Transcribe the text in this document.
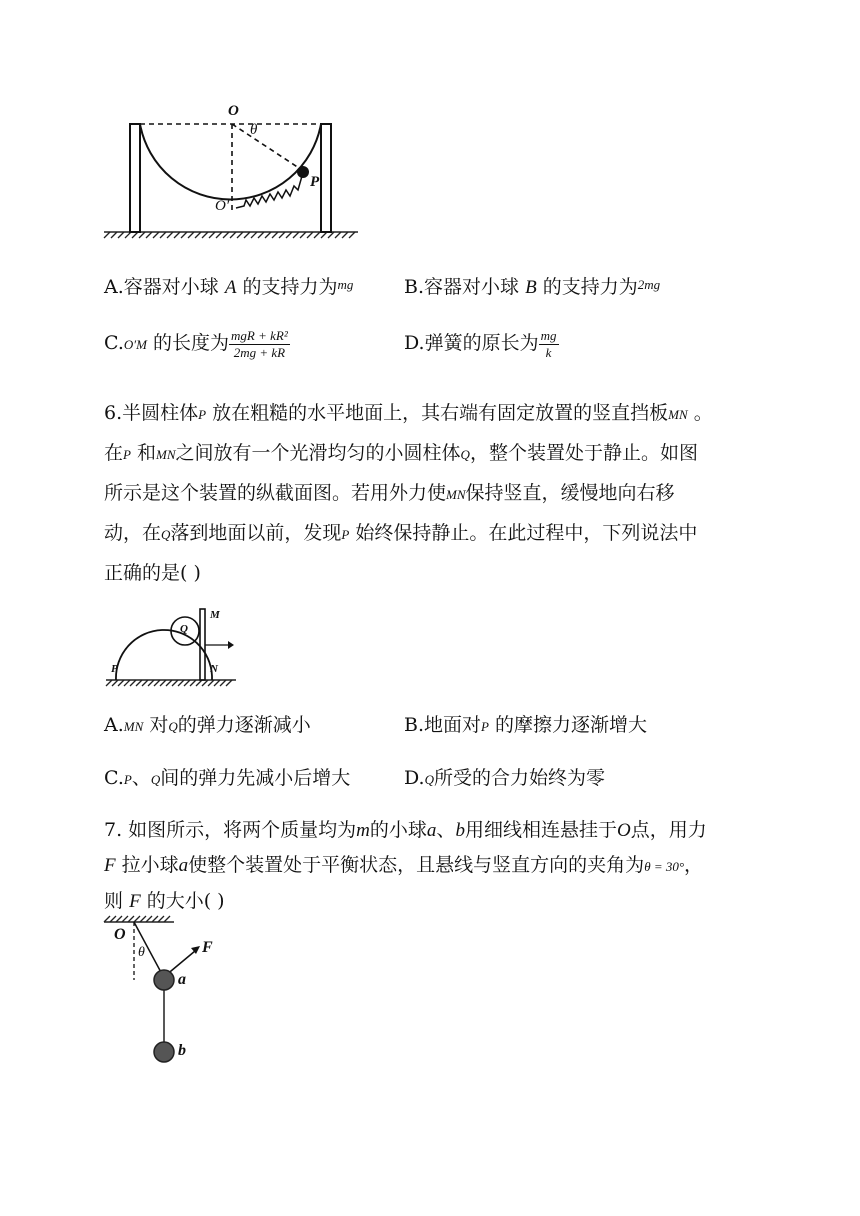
O
θ
O′
P
A.容器对小球 A 的支持力为$^{mg}$	B.容器对小球 B 的支持力为$^{2mg}$
C.O′M 的长度为 $\frac{\text{mgR + kR²}}{2mg + kR}$	D.弹簧的原长为 $\frac{mg}{k}$
6.半圆柱体P 放在粗糙的水平地面上，其右端有固定放置的竖直挡板MN 。
在P 和MN之间放有一个光滑均匀的小圆柱体Q，整个装置处于静止。如图
所示是这个装置的纵截面图。若用外力使MN保持竖直，缓慢地向右移
动，在Q落到地面以前，发现P 始终保持静止。在此过程中，下列说法中
正确的是( )
M
Q
P	N
A.MN 对Q的弹力逐渐减小	B.地面对P 的摩擦力逐渐增大
C.P、Q间的弹力先减小后增大	D.Q所受的合力始终为零
7. 如图所示，将两个质量均为m的小球a、b用细线相连悬挂于O点，用力
F 拉小球a使整个装置处于平衡状态，且悬线与竖直方向的夹角为θ = 30°，
则 F 的大小( )
O
θ	F
a
b
